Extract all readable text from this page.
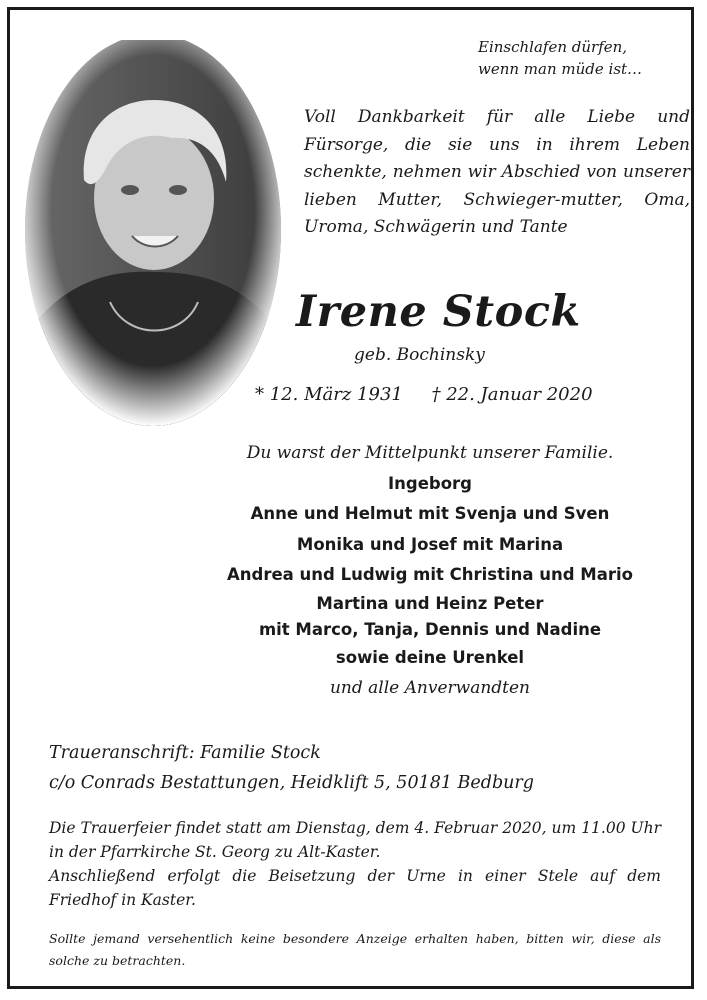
Einschlafen dürfen,
wenn man müde ist…
Voll Dankbarkeit für alle Liebe und Fürsorge, die sie uns in ihrem Leben schenkte, nehmen wir Abschied von unserer lieben Mutter, Schwieger-mutter, Oma, Uroma, Schwägerin und Tante
Irene Stock
geb. Bochinsky
* 12. März 1931 † 22. Januar 2020
Du warst der Mittelpunkt unserer Familie.
Ingeborg
Anne und Helmut mit Svenja und Sven
Monika und Josef mit Marina
Andrea und Ludwig mit Christina und Mario
Martina und Heinz Peter
mit Marco, Tanja, Dennis und Nadine
sowie deine Urenkel
und alle Anverwandten
Traueranschrift: Familie Stock
c/o Conrads Bestattungen, Heidklift 5, 50181 Bedburg

Die Trauerfeier findet statt am Dienstag, dem 4. Februar 2020, um 11.00 Uhr in der Pfarrkirche St. Georg zu Alt-Kaster.

Anschließend erfolgt die Beisetzung der Urne in einer Stele auf dem Friedhof in Kaster.

Sollte jemand versehentlich keine besondere Anzeige erhalten haben, bitten wir, diese als solche zu betrachten.
